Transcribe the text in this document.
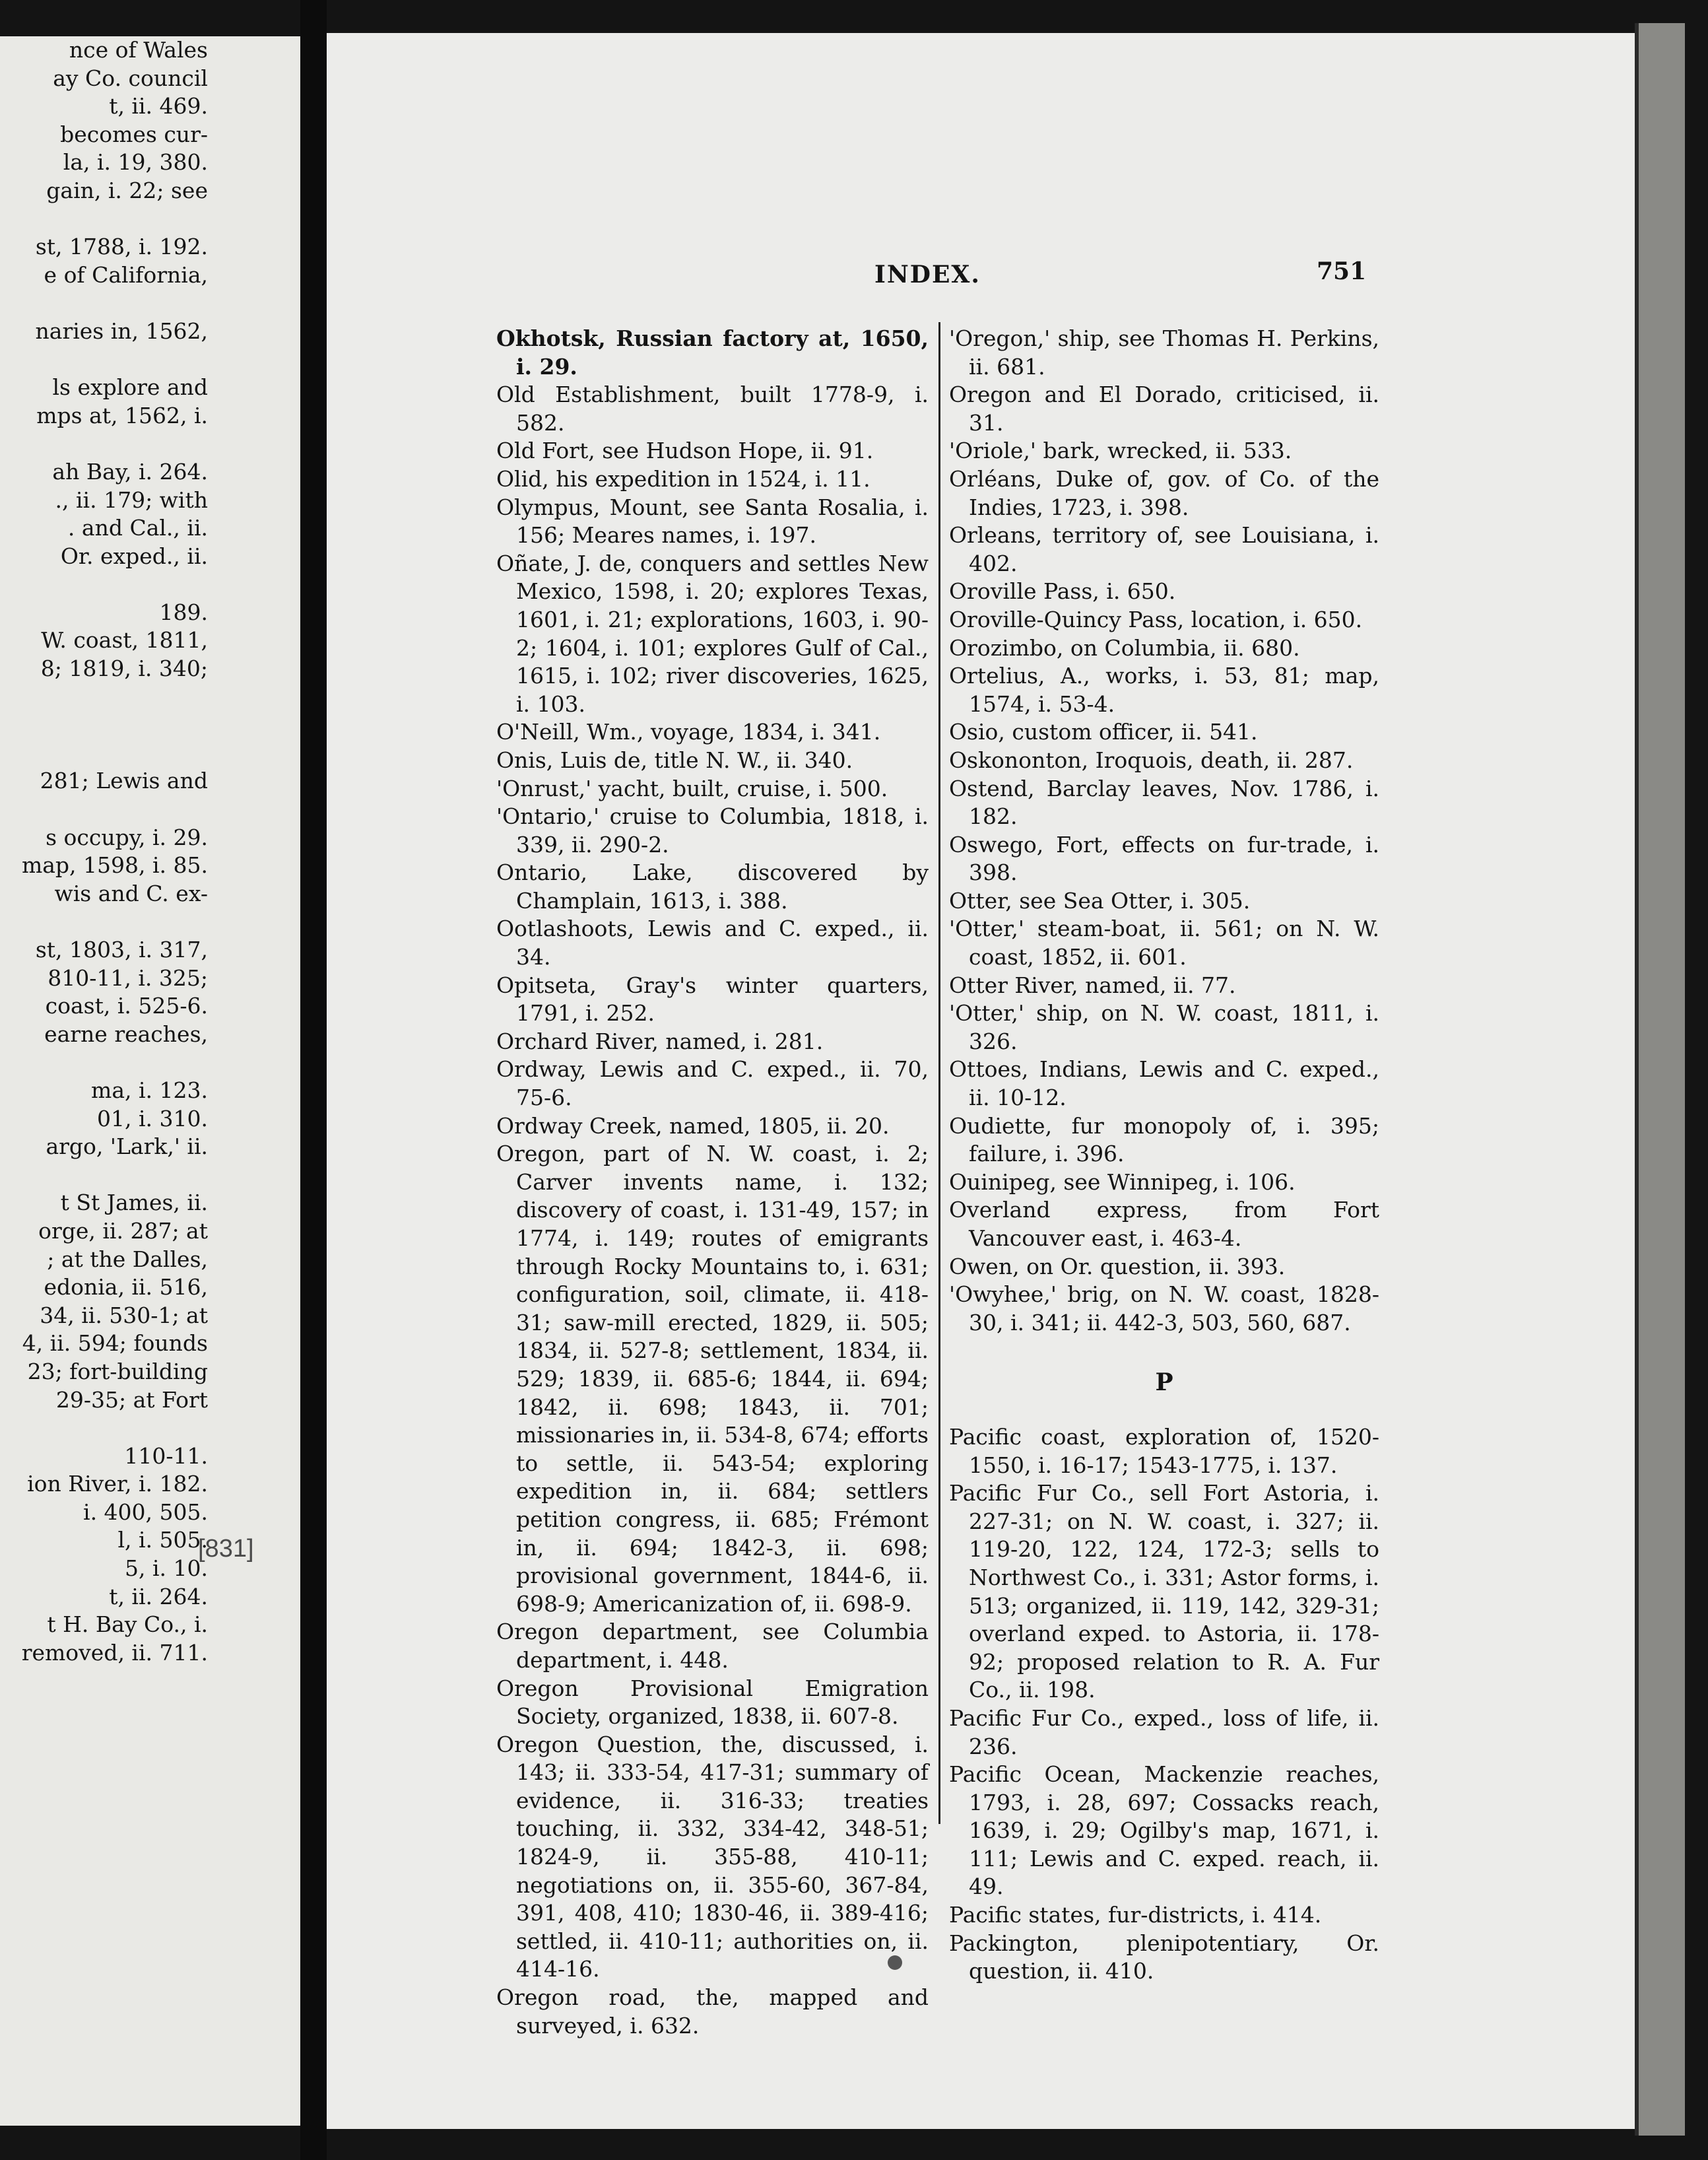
nce of Wales
ay Co. council
t, ii. 469.
becomes cur-
la, i. 19, 380.
gain, i. 22; see
st, 1788, i. 192.
e of California,
naries in, 1562,
ls explore and
mps at, 1562, i.
ah Bay, i. 264.
., ii. 179; with
. and Cal., ii.
Or. exped., ii.
189.
W. coast, 1811,
8; 1819, i. 340;
281; Lewis and
s occupy, i. 29.
map, 1598, i. 85.
wis and C. ex-
st, 1803, i. 317,
810-11, i. 325;
coast, i. 525-6.
earne reaches,
ma, i. 123.
01, i. 310.
argo, 'Lark,' ii.
t St James, ii.
orge, ii. 287; at
; at the Dalles,
edonia, ii. 516,
34, ii. 530-1; at
4, ii. 594; founds
23; fort-building
29-35; at Fort
110-11.
ion River, i. 182.
i. 400, 505.
l, i. 505.
5, i. 10.
t, ii. 264.
t H. Bay Co., i.
removed, ii. 711.
[831]
INDEX.	751
Okhotsk, Russian factory at, 1650, i. 29.
Old Establishment, built 1778-9, i. 582.
Old Fort, see Hudson Hope, ii. 91.
Olid, his expedition in 1524, i. 11.
Olympus, Mount, see Santa Rosalia, i. 156; Meares names, i. 197.
Oñate, J. de, conquers and settles New Mexico, 1598, i. 20; explores Texas, 1601, i. 21; explorations, 1603, i. 90-2; 1604, i. 101; explores Gulf of Cal., 1615, i. 102; river discoveries, 1625, i. 103.
O'Neill, Wm., voyage, 1834, i. 341.
Onis, Luis de, title N. W., ii. 340.
'Onrust,' yacht, built, cruise, i. 500.
'Ontario,' cruise to Columbia, 1818, i. 339, ii. 290-2.
Ontario, Lake, discovered by Champlain, 1613, i. 388.
Ootlashoots, Lewis and C. exped., ii. 34.
Opitseta, Gray's winter quarters, 1791, i. 252.
Orchard River, named, i. 281.
Ordway, Lewis and C. exped., ii. 70, 75-6.
Ordway Creek, named, 1805, ii. 20.
Oregon, part of N. W. coast, i. 2; Carver invents name, i. 132; discovery of coast, i. 131-49, 157; in 1774, i. 149; routes of emigrants through Rocky Mountains to, i. 631; configuration, soil, climate, ii. 418-31; saw-mill erected, 1829, ii. 505; 1834, ii. 527-8; settlement, 1834, ii. 529; 1839, ii. 685-6; 1844, ii. 694; 1842, ii. 698; 1843, ii. 701; missionaries in, ii. 534-8, 674; efforts to settle, ii. 543-54; exploring expedition in, ii. 684; settlers petition congress, ii. 685; Frémont in, ii. 694; 1842-3, ii. 698; provisional government, 1844-6, ii. 698-9; Americanization of, ii. 698-9.
Oregon department, see Columbia department, i. 448.
Oregon Provisional Emigration Society, organized, 1838, ii. 607-8.
Oregon Question, the, discussed, i. 143; ii. 333-54, 417-31; summary of evidence, ii. 316-33; treaties touching, ii. 332, 334-42, 348-51; 1824-9, ii. 355-88, 410-11; negotiations on, ii. 355-60, 367-84, 391, 408, 410; 1830-46, ii. 389-416; settled, ii. 410-11; authorities on, ii. 414-16.
Oregon road, the, mapped and surveyed, i. 632.
'Oregon,' ship, see Thomas H. Perkins, ii. 681.
Oregon and El Dorado, criticised, ii. 31.
'Oriole,' bark, wrecked, ii. 533.
Orléans, Duke of, gov. of Co. of the Indies, 1723, i. 398.
Orleans, territory of, see Louisiana, i. 402.
Oroville Pass, i. 650.
Oroville-Quincy Pass, location, i. 650.
Orozimbo, on Columbia, ii. 680.
Ortelius, A., works, i. 53, 81; map, 1574, i. 53-4.
Osio, custom officer, ii. 541.
Oskononton, Iroquois, death, ii. 287.
Ostend, Barclay leaves, Nov. 1786, i. 182.
Oswego, Fort, effects on fur-trade, i. 398.
Otter, see Sea Otter, i. 305.
'Otter,' steam-boat, ii. 561; on N. W. coast, 1852, ii. 601.
Otter River, named, ii. 77.
'Otter,' ship, on N. W. coast, 1811, i. 326.
Ottoes, Indians, Lewis and C. exped., ii. 10-12.
Oudiette, fur monopoly of, i. 395; failure, i. 396.
Ouinipeg, see Winnipeg, i. 106.
Overland express, from Fort Vancouver east, i. 463-4.
Owen, on Or. question, ii. 393.
'Owyhee,' brig, on N. W. coast, 1828-30, i. 341; ii. 442-3, 503, 560, 687.
P
Pacific coast, exploration of, 1520-1550, i. 16-17; 1543-1775, i. 137.
Pacific Fur Co., sell Fort Astoria, i. 227-31; on N. W. coast, i. 327; ii. 119-20, 122, 124, 172-3; sells to Northwest Co., i. 331; Astor forms, i. 513; organized, ii. 119, 142, 329-31; overland exped. to Astoria, ii. 178-92; proposed relation to R. A. Fur Co., ii. 198.
Pacific Fur Co., exped., loss of life, ii. 236.
Pacific Ocean, Mackenzie reaches, 1793, i. 28, 697; Cossacks reach, 1639, i. 29; Ogilby's map, 1671, i. 111; Lewis and C. exped. reach, ii. 49.
Pacific states, fur-districts, i. 414.
Packington, plenipotentiary, Or. question, ii. 410.
